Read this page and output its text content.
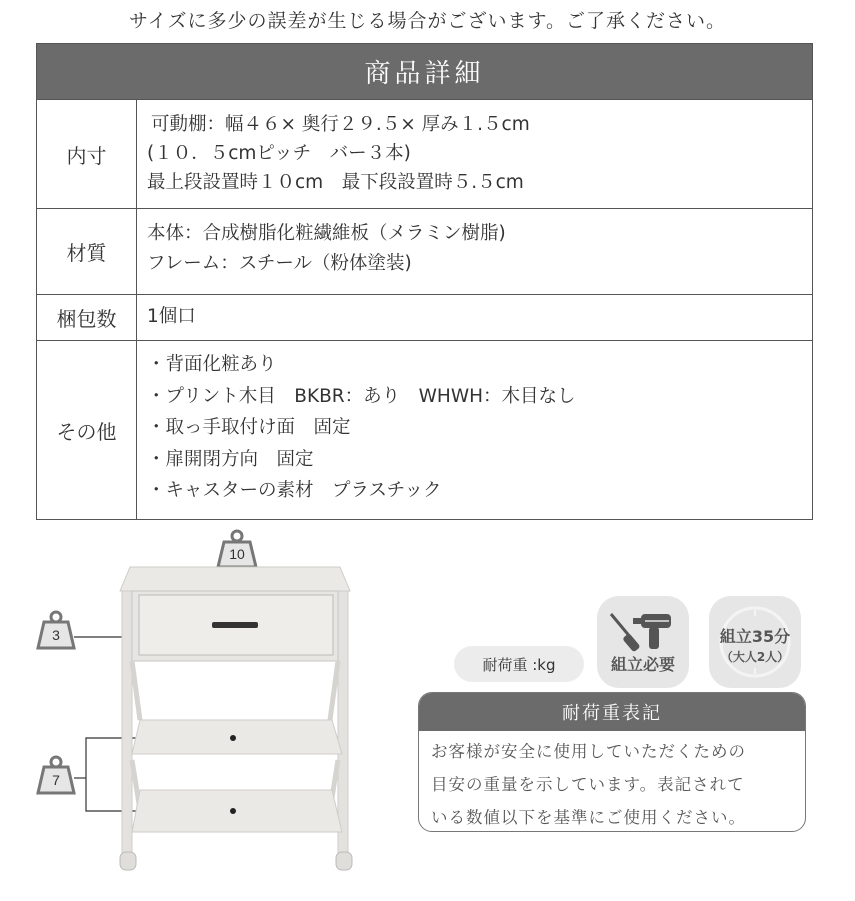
サイズに多少の誤差が生じる場合がございます。ご了承ください。
商品詳細
内寸
可動棚：幅４６× 奥行２９.５× 厚み１.５cm
(１０．５cmピッチ　バー３本)
最上段設置時１０cm　最下段設置時５.５cm
材質
本体：合成樹脂化粧繊維板（メラミン樹脂)
フレーム：スチール（粉体塗装)
梱包数	1個口
その他
・背面化粧あり
・プリント木目　BKBR：あり　WHWH：木目なし
・取っ手取付け面　固定
・扉開閉方向　固定
・キャスターの素材　プラスチック
10
3
7
耐荷重 :kg	組立必要
組立35分
（大人2人）
耐荷重表記
お客様が安全に使用していただくための
目安の重量を示しています。表記されて
いる数値以下を基準にご使用ください。
